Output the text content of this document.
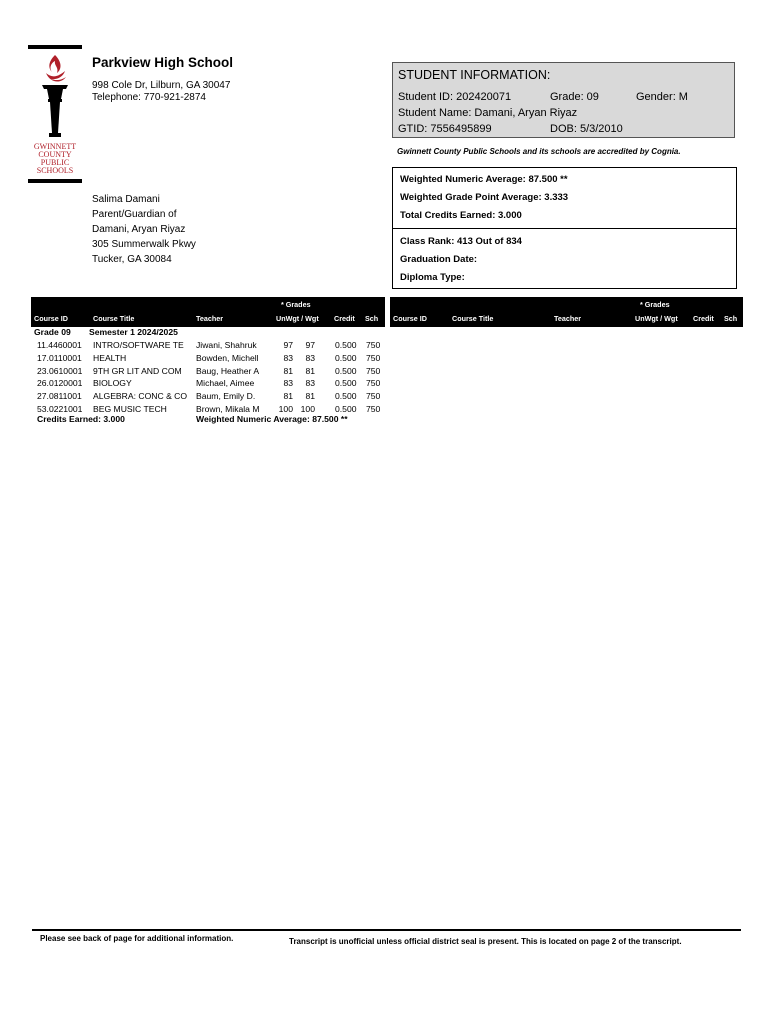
GWINNETT
COUNTY
PUBLIC
SCHOOLS
Parkview High School
998 Cole Dr, Lilburn, GA 30047
Telephone: 770-921-2874
Salima Damani
Parent/Guardian of
Damani, Aryan Riyaz
305 Summerwalk Pkwy
Tucker, GA 30084
STUDENT INFORMATION:
Student ID: 202420071	Grade: 09	Gender: M
Student Name: Damani, Aryan Riyaz
GTID: 7556495899	DOB: 5/3/2010
Gwinnett County Public Schools and its schools are accredited by Cognia.
Weighted Numeric Average: 87.500 **
Weighted Grade Point Average: 3.333
Total Credits Earned: 3.000
Class Rank: 413 Out of 834
Graduation Date:
Diploma Type:
* Grades
Course ID	Course Title	Teacher	UnWgt / Wgt Credit Sch
* Grades
Course ID	Course Title	Teacher	UnWgt / Wgt Credit Sch
Grade 09 Semester 1 2024/2025
11.4460001 INTRO/SOFTWARE TE Jiwani, Shahruk	97 97 0.500 750
17.0110001 HEALTH	Bowden, Michell	83 83 0.500 750
23.0610001 9TH GR LIT AND COM Baug, Heather A	81 81 0.500 750
26.0120001 BIOLOGY	Michael, Aimee	83 83 0.500 750
27.0811001 ALGEBRA: CONC & CO Baum, Emily D.	81 81 0.500 750
53.0221001 BEG MUSIC TECH	Brown, Mikala M 100 100 0.500 750
Credits Earned: 3.000	Weighted Numeric Average: 87.500 **
Please see back of page for additional information.	Transcript is unofficial unless official district seal is present. This is located on page 2 of the transcript.
